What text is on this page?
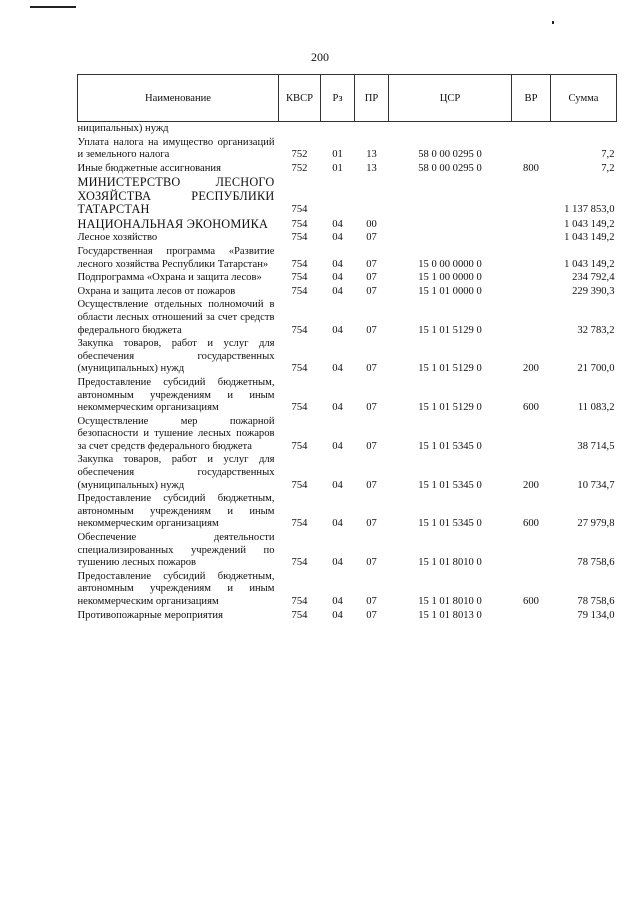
200
Наименование	КВСР	Рз	ПР	ЦСР	ВР	Сумма

ниципальных) нужд						

Уплата налога на имущество организаций и земельного налога	752	01	13	58 0 00 0295 0		7,2

Иные бюджетные ассигнования	752	01	13	58 0 00 0295 0	800	7,2

МИНИСТЕРСТВО ЛЕСНОГО ХОЗЯЙСТВА РЕСПУБЛИКИ ТАТАРСТАН	754					1 137 853,0

НАЦИОНАЛЬНАЯ ЭКОНОМИКА	754	04	00			1 043 149,2

Лесное хозяйство	754	04	07			1 043 149,2

Государственная программа «Развитие лесного хозяйства Республики Татарстан»	754	04	07	15 0 00 0000 0		1 043 149,2

Подпрограмма «Охрана и защита лесов»	754	04	07	15 1 00 0000 0		234 792,4

Охрана и защита лесов от пожаров	754	04	07	15 1 01 0000 0		229 390,3

Осуществление отдельных полномочий в области лесных отношений за счет средств федерального бюджета	754	04	07	15 1 01 5129 0		32 783,2

Закупка товаров, работ и услуг для обеспечения государственных (муниципальных) нужд	754	04	07	15 1 01 5129 0	200	21 700,0

Предоставление субсидий бюджетным, автономным учреждениям и иным некоммерческим организациям	754	04	07	15 1 01 5129 0	600	11 083,2

Осуществление мер пожарной безопасности и тушение лесных пожаров за счет средств федерального бюджета	754	04	07	15 1 01 5345 0		38 714,5

Закупка товаров, работ и услуг для обеспечения государственных (муниципальных) нужд	754	04	07	15 1 01 5345 0	200	10 734,7

Предоставление субсидий бюджетным, автономным учреждениям и иным некоммерческим организациям	754	04	07	15 1 01 5345 0	600	27 979,8

Обеспечение деятельности специализированных учреждений по тушению лесных пожаров	754	04	07	15 1 01 8010 0		78 758,6

Предоставление субсидий бюджетным, автономным учреждениям и иным некоммерческим организациям	754	04	07	15 1 01 8010 0	600	78 758,6

Противопожарные мероприятия	754	04	07	15 1 01 8013 0		79 134,0
